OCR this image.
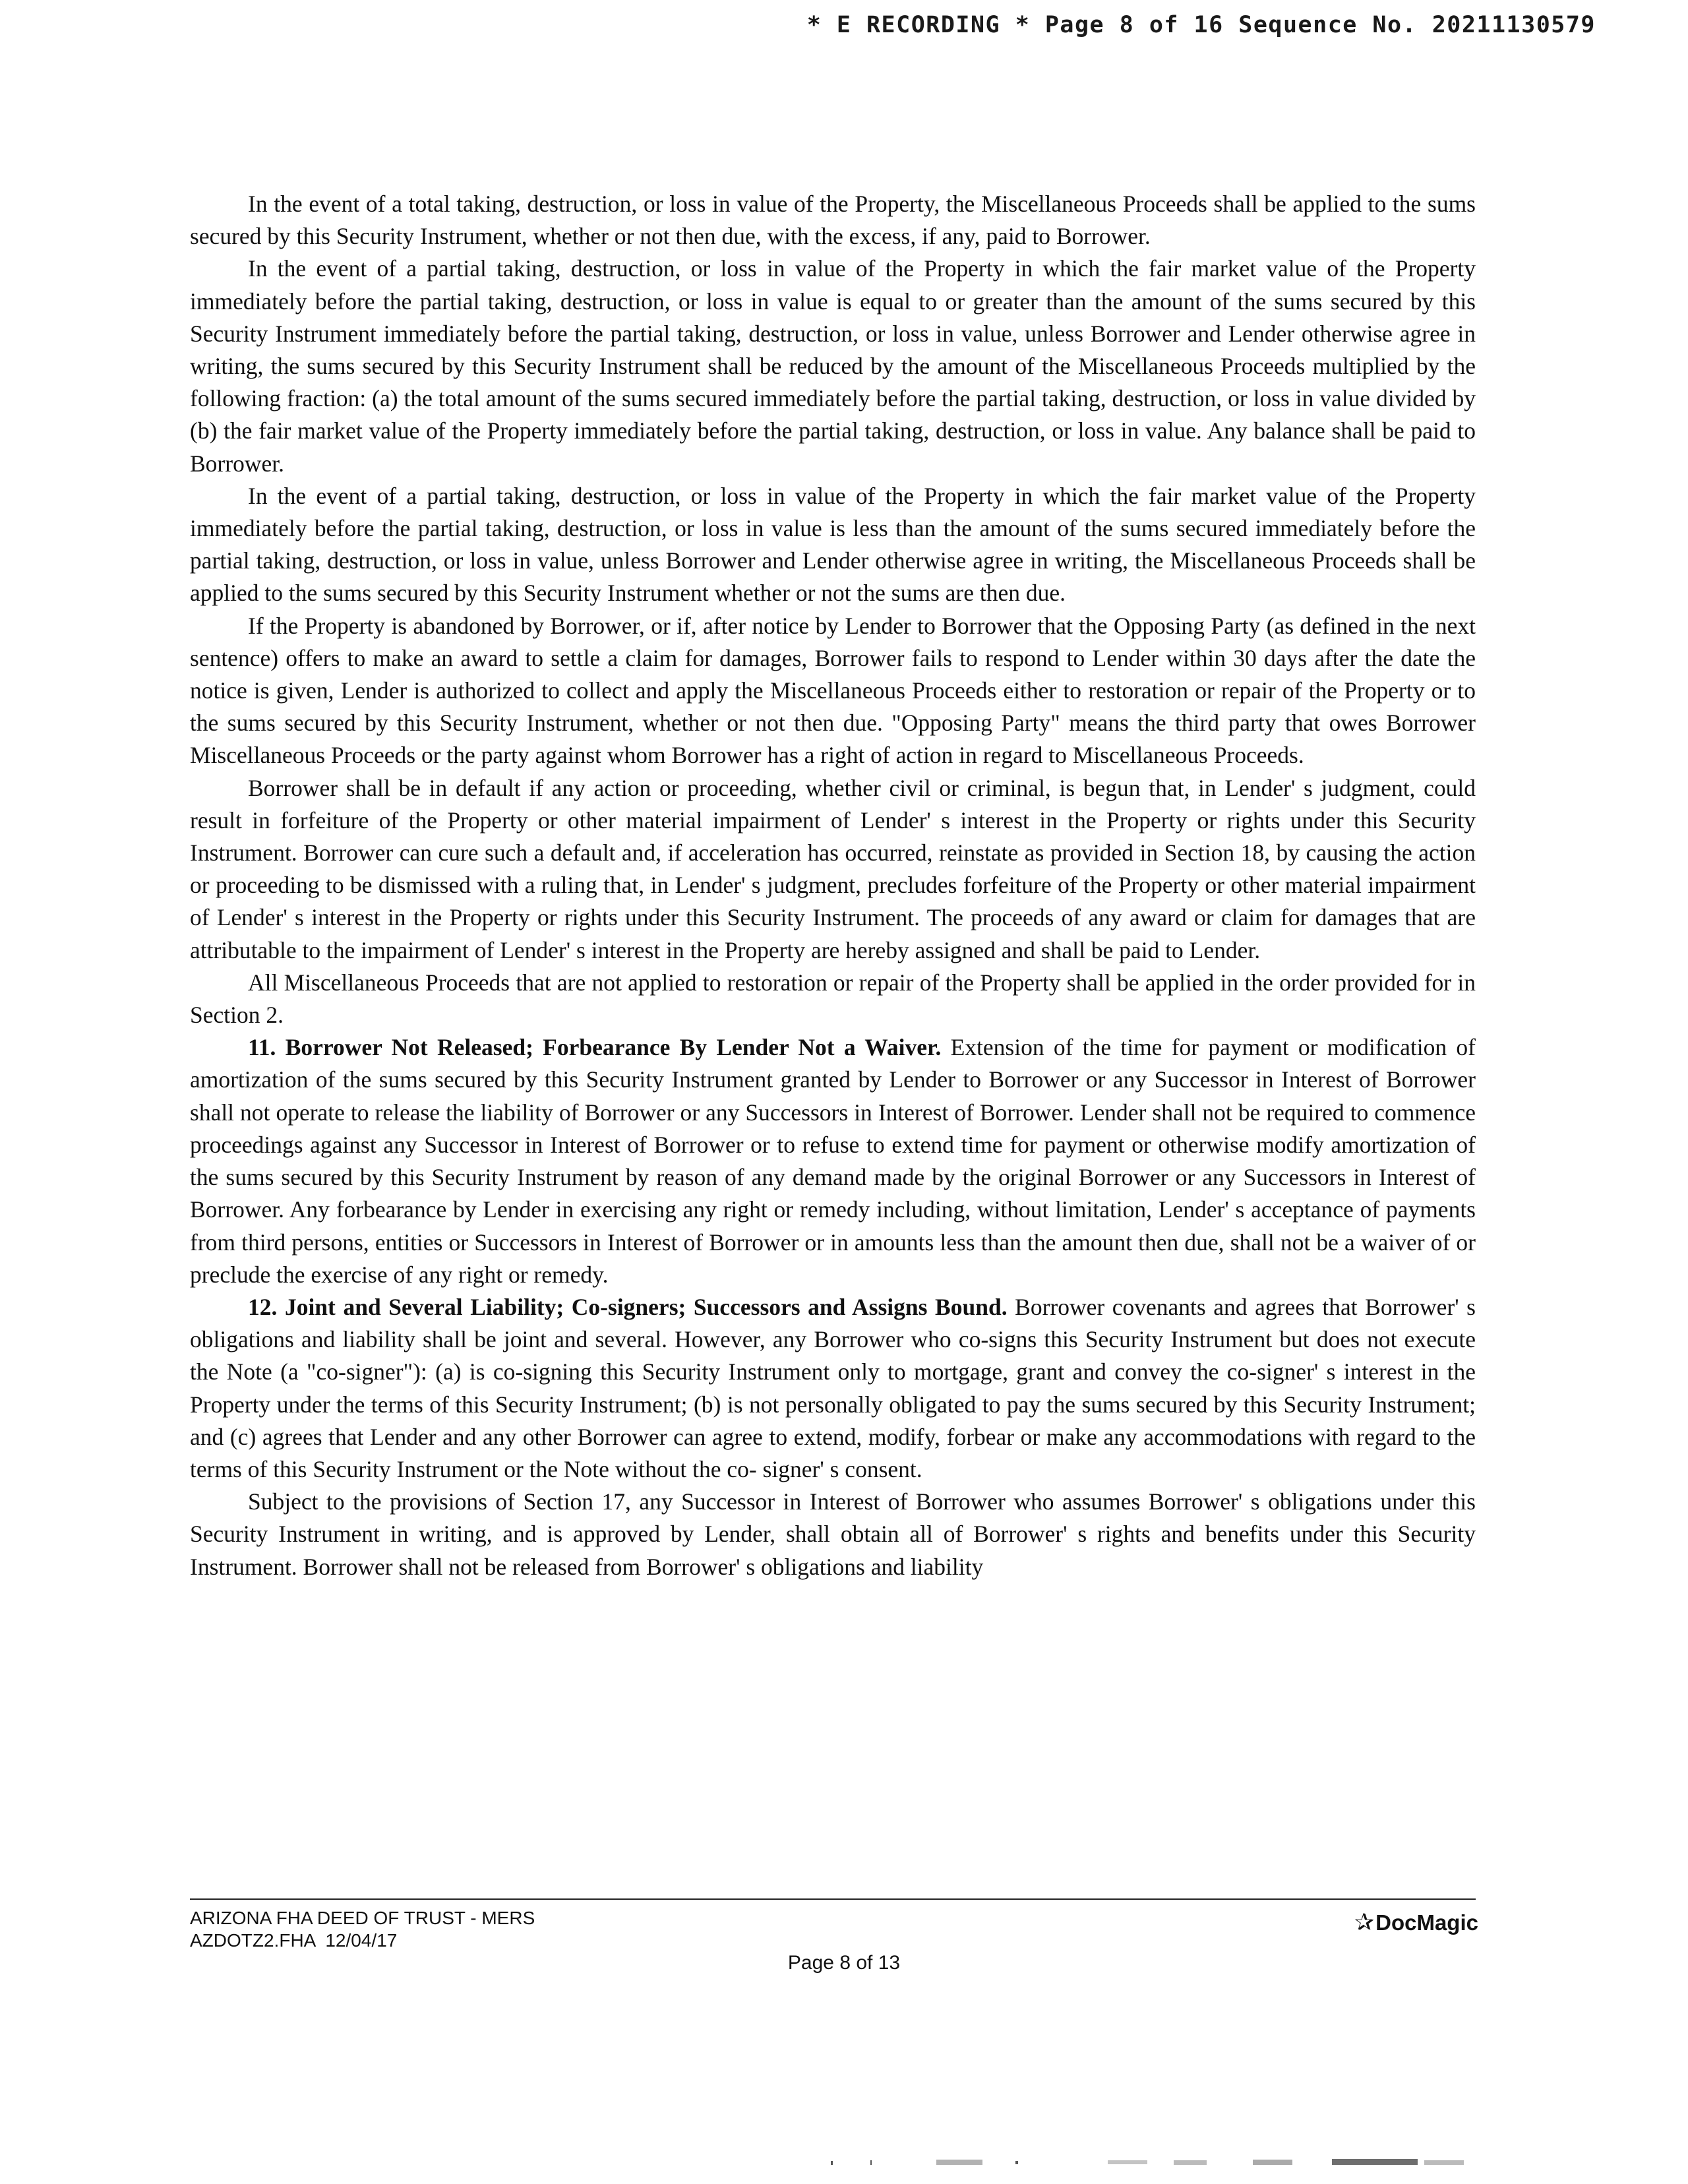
* E RECORDING * Page 8 of 16 Sequence No. 20211130579

In the event of a total taking, destruction, or loss in value of the Property, the Miscellaneous Proceeds shall be applied to the sums secured by this Security Instrument, whether or not then due, with the excess, if any, paid to Borrower.

In the event of a partial taking, destruction, or loss in value of the Property in which the fair market value of the Property immediately before the partial taking, destruction, or loss in value is equal to or greater than the amount of the sums secured by this Security Instrument immediately before the partial taking, destruction, or loss in value, unless Borrower and Lender otherwise agree in writing, the sums secured by this Security Instrument shall be reduced by the amount of the Miscellaneous Proceeds multiplied by the following fraction: (a) the total amount of the sums secured immediately before the partial taking, destruction, or loss in value divided by (b) the fair market value of the Property immediately before the partial taking, destruction, or loss in value. Any balance shall be paid to Borrower.

In the event of a partial taking, destruction, or loss in value of the Property in which the fair market value of the Property immediately before the partial taking, destruction, or loss in value is less than the amount of the sums secured immediately before the partial taking, destruction, or loss in value, unless Borrower and Lender otherwise agree in writing, the Miscellaneous Proceeds shall be applied to the sums secured by this Security Instrument whether or not the sums are then due.

If the Property is abandoned by Borrower, or if, after notice by Lender to Borrower that the Opposing Party (as defined in the next sentence) offers to make an award to settle a claim for damages, Borrower fails to respond to Lender within 30 days after the date the notice is given, Lender is authorized to collect and apply the Miscellaneous Proceeds either to restoration or repair of the Property or to the sums secured by this Security Instrument, whether or not then due. "Opposing Party" means the third party that owes Borrower Miscellaneous Proceeds or the party against whom Borrower has a right of action in regard to Miscellaneous Proceeds.

Borrower shall be in default if any action or proceeding, whether civil or criminal, is begun that, in Lender' s judgment, could result in forfeiture of the Property or other material impairment of Lender' s interest in the Property or rights under this Security Instrument. Borrower can cure such a default and, if acceleration has occurred, reinstate as provided in Section 18, by causing the action or proceeding to be dismissed with a ruling that, in Lender' s judgment, precludes forfeiture of the Property or other material impairment of Lender' s interest in the Property or rights under this Security Instrument. The proceeds of any award or claim for damages that are attributable to the impairment of Lender' s interest in the Property are hereby assigned and shall be paid to Lender.

All Miscellaneous Proceeds that are not applied to restoration or repair of the Property shall be applied in the order provided for in Section 2.

11. Borrower Not Released; Forbearance By Lender Not a Waiver. Extension of the time for payment or modification of amortization of the sums secured by this Security Instrument granted by Lender to Borrower or any Successor in Interest of Borrower shall not operate to release the liability of Borrower or any Successors in Interest of Borrower. Lender shall not be required to commence proceedings against any Successor in Interest of Borrower or to refuse to extend time for payment or otherwise modify amortization of the sums secured by this Security Instrument by reason of any demand made by the original Borrower or any Successors in Interest of Borrower. Any forbearance by Lender in exercising any right or remedy including, without limitation, Lender' s acceptance of payments from third persons, entities or Successors in Interest of Borrower or in amounts less than the amount then due, shall not be a waiver of or preclude the exercise of any right or remedy.

12. Joint and Several Liability; Co-signers; Successors and Assigns Bound. Borrower covenants and agrees that Borrower' s obligations and liability shall be joint and several. However, any Borrower who co-signs this Security Instrument but does not execute the Note (a "co-signer"): (a) is co-signing this Security Instrument only to mortgage, grant and convey the co-signer' s interest in the Property under the terms of this Security Instrument; (b) is not personally obligated to pay the sums secured by this Security Instrument; and (c) agrees that Lender and any other Borrower can agree to extend, modify, forbear or make any accommodations with regard to the terms of this Security Instrument or the Note without the co- signer' s consent.

Subject to the provisions of Section 17, any Successor in Interest of Borrower who assumes Borrower' s obligations under this Security Instrument in writing, and is approved by Lender, shall obtain all of Borrower' s rights and benefits under this Security Instrument. Borrower shall not be released from Borrower' s obligations and liability

ARIZONA FHA DEED OF TRUST - MERS
AZDOTZ2.FHA  12/04/17
✰DocMagic
Page 8 of 13
